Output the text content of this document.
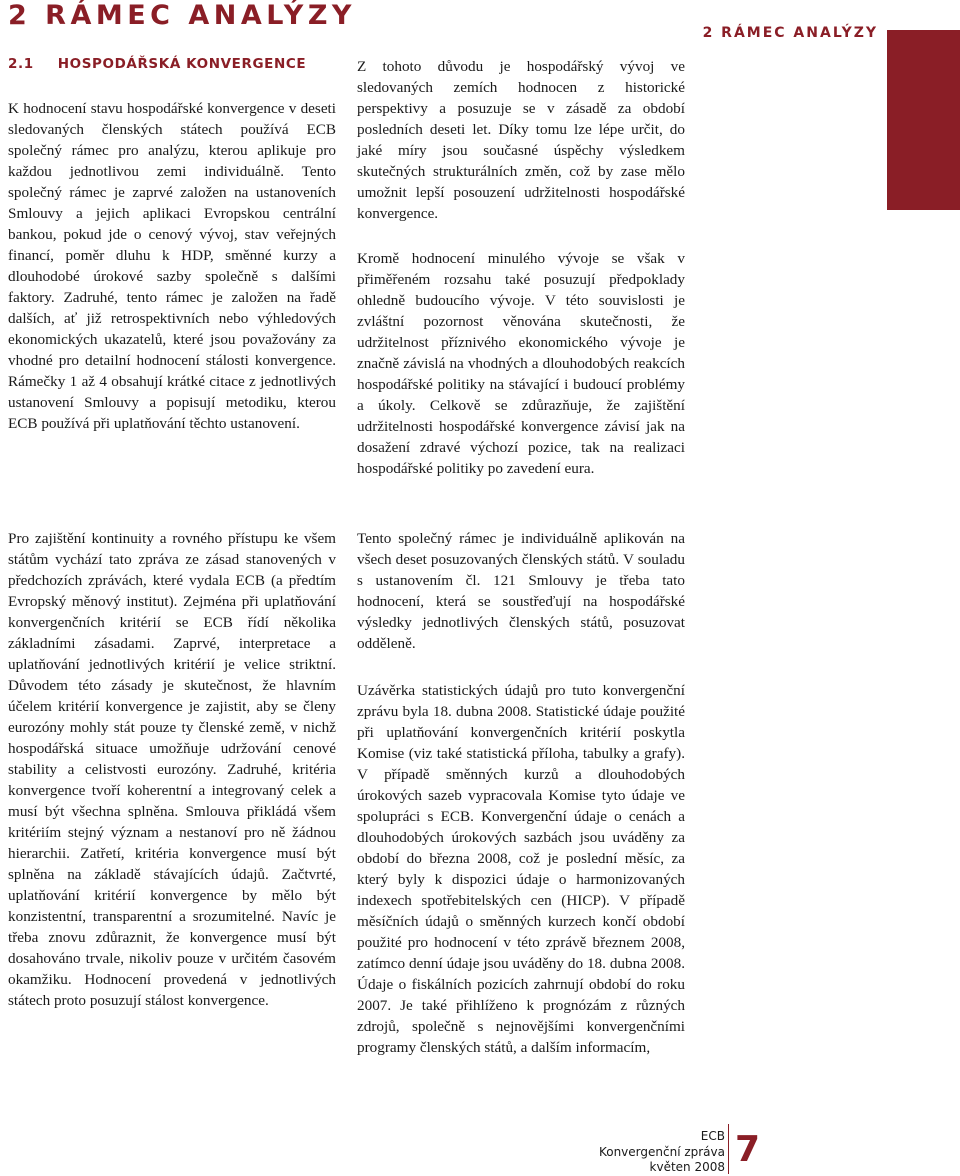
2 RÁMEC ANALÝZY
2 RÁMEC ANALÝZY
2.1 HOSPODÁŘSKÁ KONVERGENCE

K hodnocení stavu hospodářské konvergence v deseti sledovaných členských státech používá ECB společný rámec pro analýzu, kterou aplikuje pro každou jednotlivou zemi individuálně. Tento společný rámec je zaprvé založen na ustanoveních Smlouvy a jejich aplikaci Evropskou centrální bankou, pokud jde o cenový vývoj, stav veřejných financí, poměr dluhu k HDP, směnné kurzy a dlouhodobé úrokové sazby společně s dalšími faktory. Zadruhé, tento rámec je založen na řadě dalších, ať již retrospektivních nebo výhledových ekonomických ukazatelů, které jsou považovány za vhodné pro detailní hodnocení stálosti konvergence. Rámečky 1 až 4 obsahují krátké citace z jednotlivých ustanovení Smlouvy a popisují metodiku, kterou ECB používá při uplatňování těchto ustanovení.

Pro zajištění kontinuity a rovného přístupu ke všem státům vychází tato zpráva ze zásad stanovených v předchozích zprávách, které vydala ECB (a předtím Evropský měnový institut). Zejména při uplatňování konvergenčních kritérií se ECB řídí několika základními zásadami. Zaprvé, interpretace a uplatňování jednotlivých kritérií je velice striktní. Důvodem této zásady je skutečnost, že hlavním účelem kritérií konvergence je zajistit, aby se členy eurozóny mohly stát pouze ty členské země, v nichž hospodářská situace umožňuje udržování cenové stability a celistvosti eurozóny. Zadruhé, kritéria konvergence tvoří koherentní a integrovaný celek a musí být všechna splněna. Smlouva přikládá všem kritériím stejný význam a nestanoví pro ně žádnou hierarchii. Zatřetí, kritéria konvergence musí být splněna na základě stávajících údajů. Začtvrté, uplatňování kritérií konvergence by mělo být konzistentní, transparentní a srozumitelné. Navíc je třeba znovu zdůraznit, že konvergence musí být dosahováno trvale, nikoliv pouze v určitém časovém okamžiku. Hodnocení provedená v jednotlivých státech proto posuzují stálost konvergence.

Z tohoto důvodu je hospodářský vývoj ve sledovaných zemích hodnocen z historické perspektivy a posuzuje se v zásadě za období posledních deseti let. Díky tomu lze lépe určit, do jaké míry jsou současné úspěchy výsledkem skutečných strukturálních změn, což by zase mělo umožnit lepší posouzení udržitelnosti hospodářské konvergence.

Kromě hodnocení minulého vývoje se však v přiměřeném rozsahu také posuzují předpoklady ohledně budoucího vývoje. V této souvislosti je zvláštní pozornost věnována skutečnosti, že udržitelnost příznivého ekonomického vývoje je značně závislá na vhodných a dlouhodobých reakcích hospodářské politiky na stávající i budoucí problémy a úkoly. Celkově se zdůrazňuje, že zajištění udržitelnosti hospodářské konvergence závisí jak na dosažení zdravé výchozí pozice, tak na realizaci hospodářské politiky po zavedení eura.

Tento společný rámec je individuálně aplikován na všech deset posuzovaných členských států. V souladu s ustanovením čl. 121 Smlouvy je třeba tato hodnocení, která se soustřeďují na hospodářské výsledky jednotlivých členských států, posuzovat odděleně.

Uzávěrka statistických údajů pro tuto konvergenční zprávu byla 18. dubna 2008. Statistické údaje použité při uplatňování konvergenčních kritérií poskytla Komise (viz také statistická příloha, tabulky a grafy). V případě směnných kurzů a dlouhodobých úrokových sazeb vypracovala Komise tyto údaje ve spolupráci s ECB. Konvergenční údaje o cenách a dlouhodobých úrokových sazbách jsou uváděny za období do března 2008, což je poslední měsíc, za který byly k dispozici údaje o harmonizovaných indexech spotřebitelských cen (HICP). V případě měsíčních údajů o směnných kurzech končí období použité pro hodnocení v této zprávě březnem 2008, zatímco denní údaje jsou uváděny do 18. dubna 2008. Údaje o fiskálních pozicích zahrnují období do roku 2007. Je také přihlíženo k prognózám z různých zdrojů, společně s nejnovějšími konvergenčními programy členských států, a dalším informacím,

ECB
Konvergenční zpráva
květen 2008 7
